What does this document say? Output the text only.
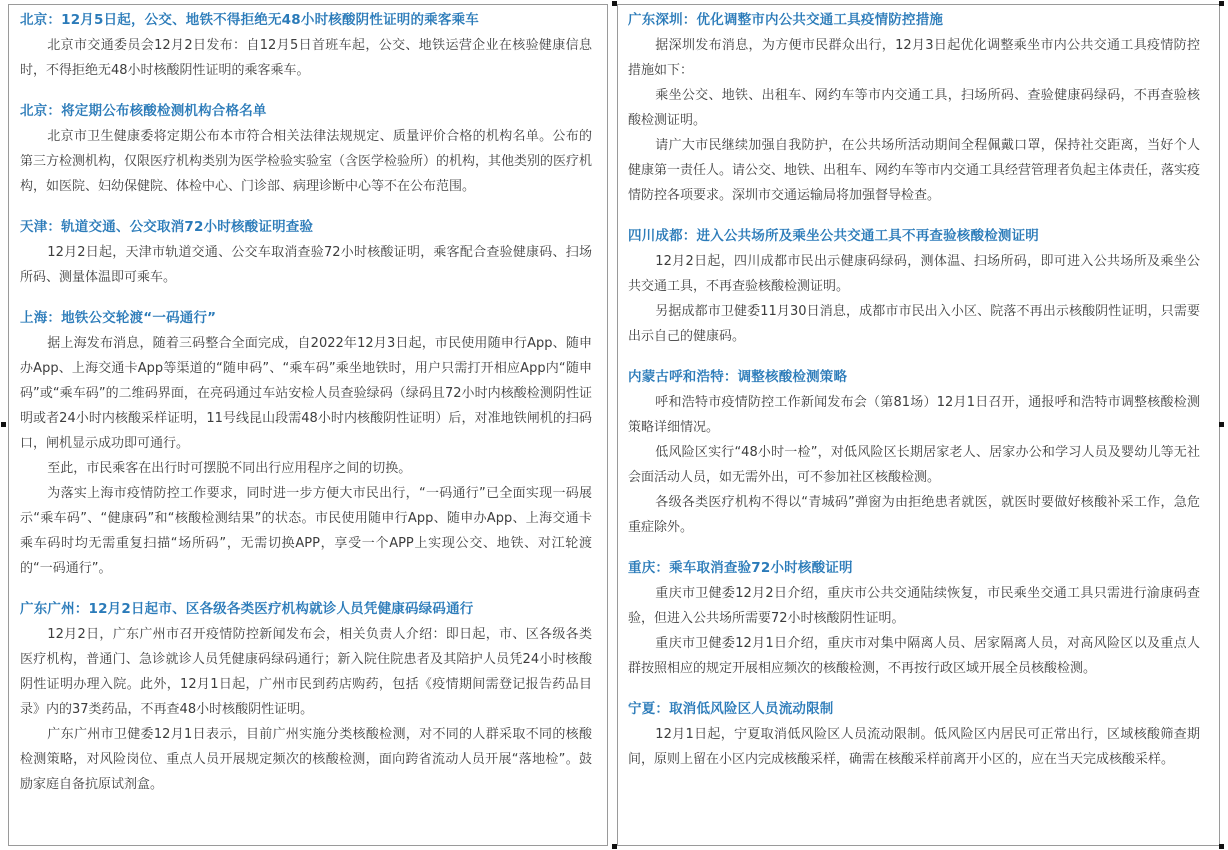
北京：12月5日起，公交、地铁不得拒绝无48小时核酸阴性证明的乘客乘车

北京市交通委员会12月2日发布：自12月5日首班车起，公交、地铁运营企业在核验健康信息时，不得拒绝无48小时核酸阴性证明的乘客乘车。

北京：将定期公布核酸检测机构合格名单

北京市卫生健康委将定期公布本市符合相关法律法规规定、质量评价合格的机构名单。公布的第三方检测机构，仅限医疗机构类别为医学检验实验室（含医学检验所）的机构，其他类别的医疗机构，如医院、妇幼保健院、体检中心、门诊部、病理诊断中心等不在公布范围。

天津：轨道交通、公交取消72小时核酸证明查验

12月2日起，天津市轨道交通、公交车取消查验72小时核酸证明，乘客配合查验健康码、扫场所码、测量体温即可乘车。

上海：地铁公交轮渡“一码通行”

据上海发布消息，随着三码整合全面完成，自2022年12月3日起，市民使用随申行App、随申办App、上海交通卡App等渠道的“随申码”、“乘车码”乘坐地铁时，用户只需打开相应App内“随申码”或“乘车码”的二维码界面，在亮码通过车站安检人员查验绿码（绿码且72小时内核酸检测阴性证明或者24小时内核酸采样证明，11号线昆山段需48小时内核酸阴性证明）后，对准地铁闸机的扫码口，闸机显示成功即可通行。

至此，市民乘客在出行时可摆脱不同出行应用程序之间的切换。

为落实上海市疫情防控工作要求，同时进一步方便大市民出行，“一码通行”已全面实现一码展示“乘车码”、“健康码”和“核酸检测结果”的状态。市民使用随申行App、随申办App、上海交通卡乘车码时均无需重复扫描“场所码”，无需切换APP，享受一个APP上实现公交、地铁、对江轮渡的“一码通行”。

广东广州：12月2日起市、区各级各类医疗机构就诊人员凭健康码绿码通行

12月2日，广东广州市召开疫情防控新闻发布会，相关负责人介绍：即日起，市、区各级各类医疗机构，普通门、急诊就诊人员凭健康码绿码通行；新入院住院患者及其陪护人员凭24小时核酸阴性证明办理入院。此外，12月1日起，广州市民到药店购药，包括《疫情期间需登记报告药品目录》内的37类药品，不再查48小时核酸阴性证明。

广东广州市卫健委12月1日表示，目前广州实施分类核酸检测，对不同的人群采取不同的核酸检测策略，对风险岗位、重点人员开展规定频次的核酸检测，面向跨省流动人员开展“落地检”。鼓励家庭自备抗原试剂盒。

广东深圳：优化调整市内公共交通工具疫情防控措施

据深圳发布消息，为方便市民群众出行，12月3日起优化调整乘坐市内公共交通工具疫情防控措施如下：

乘坐公交、地铁、出租车、网约车等市内交通工具，扫场所码、查验健康码绿码，不再查验核酸检测证明。

请广大市民继续加强自我防护，在公共场所活动期间全程佩戴口罩，保持社交距离，当好个人健康第一责任人。请公交、地铁、出租车、网约车等市内交通工具经营管理者负起主体责任，落实疫情防控各项要求。深圳市交通运输局将加强督导检查。

四川成都：进入公共场所及乘坐公共交通工具不再查验核酸检测证明

12月2日起，四川成都市民出示健康码绿码，测体温、扫场所码，即可进入公共场所及乘坐公共交通工具，不再查验核酸检测证明。

另据成都市卫健委11月30日消息，成都市市民出入小区、院落不再出示核酸阴性证明，只需要出示自己的健康码。

内蒙古呼和浩特：调整核酸检测策略

呼和浩特市疫情防控工作新闻发布会（第81场）12月1日召开，通报呼和浩特市调整核酸检测策略详细情况。

低风险区实行“48小时一检”，对低风险区长期居家老人、居家办公和学习人员及婴幼儿等无社会面活动人员，如无需外出，可不参加社区核酸检测。

各级各类医疗机构不得以“青城码”弹窗为由拒绝患者就医，就医时要做好核酸补采工作，急危重症除外。

重庆：乘车取消查验72小时核酸证明

重庆市卫健委12月2日介绍，重庆市公共交通陆续恢复，市民乘坐交通工具只需进行渝康码查验，但进入公共场所需要72小时核酸阴性证明。

重庆市卫健委12月1日介绍，重庆市对集中隔离人员、居家隔离人员，对高风险区以及重点人群按照相应的规定开展相应频次的核酸检测，不再按行政区域开展全员核酸检测。

宁夏：取消低风险区人员流动限制

12月1日起，宁夏取消低风险区人员流动限制。低风险区内居民可正常出行，区域核酸筛查期间，原则上留在小区内完成核酸采样，确需在核酸采样前离开小区的，应在当天完成核酸采样。
